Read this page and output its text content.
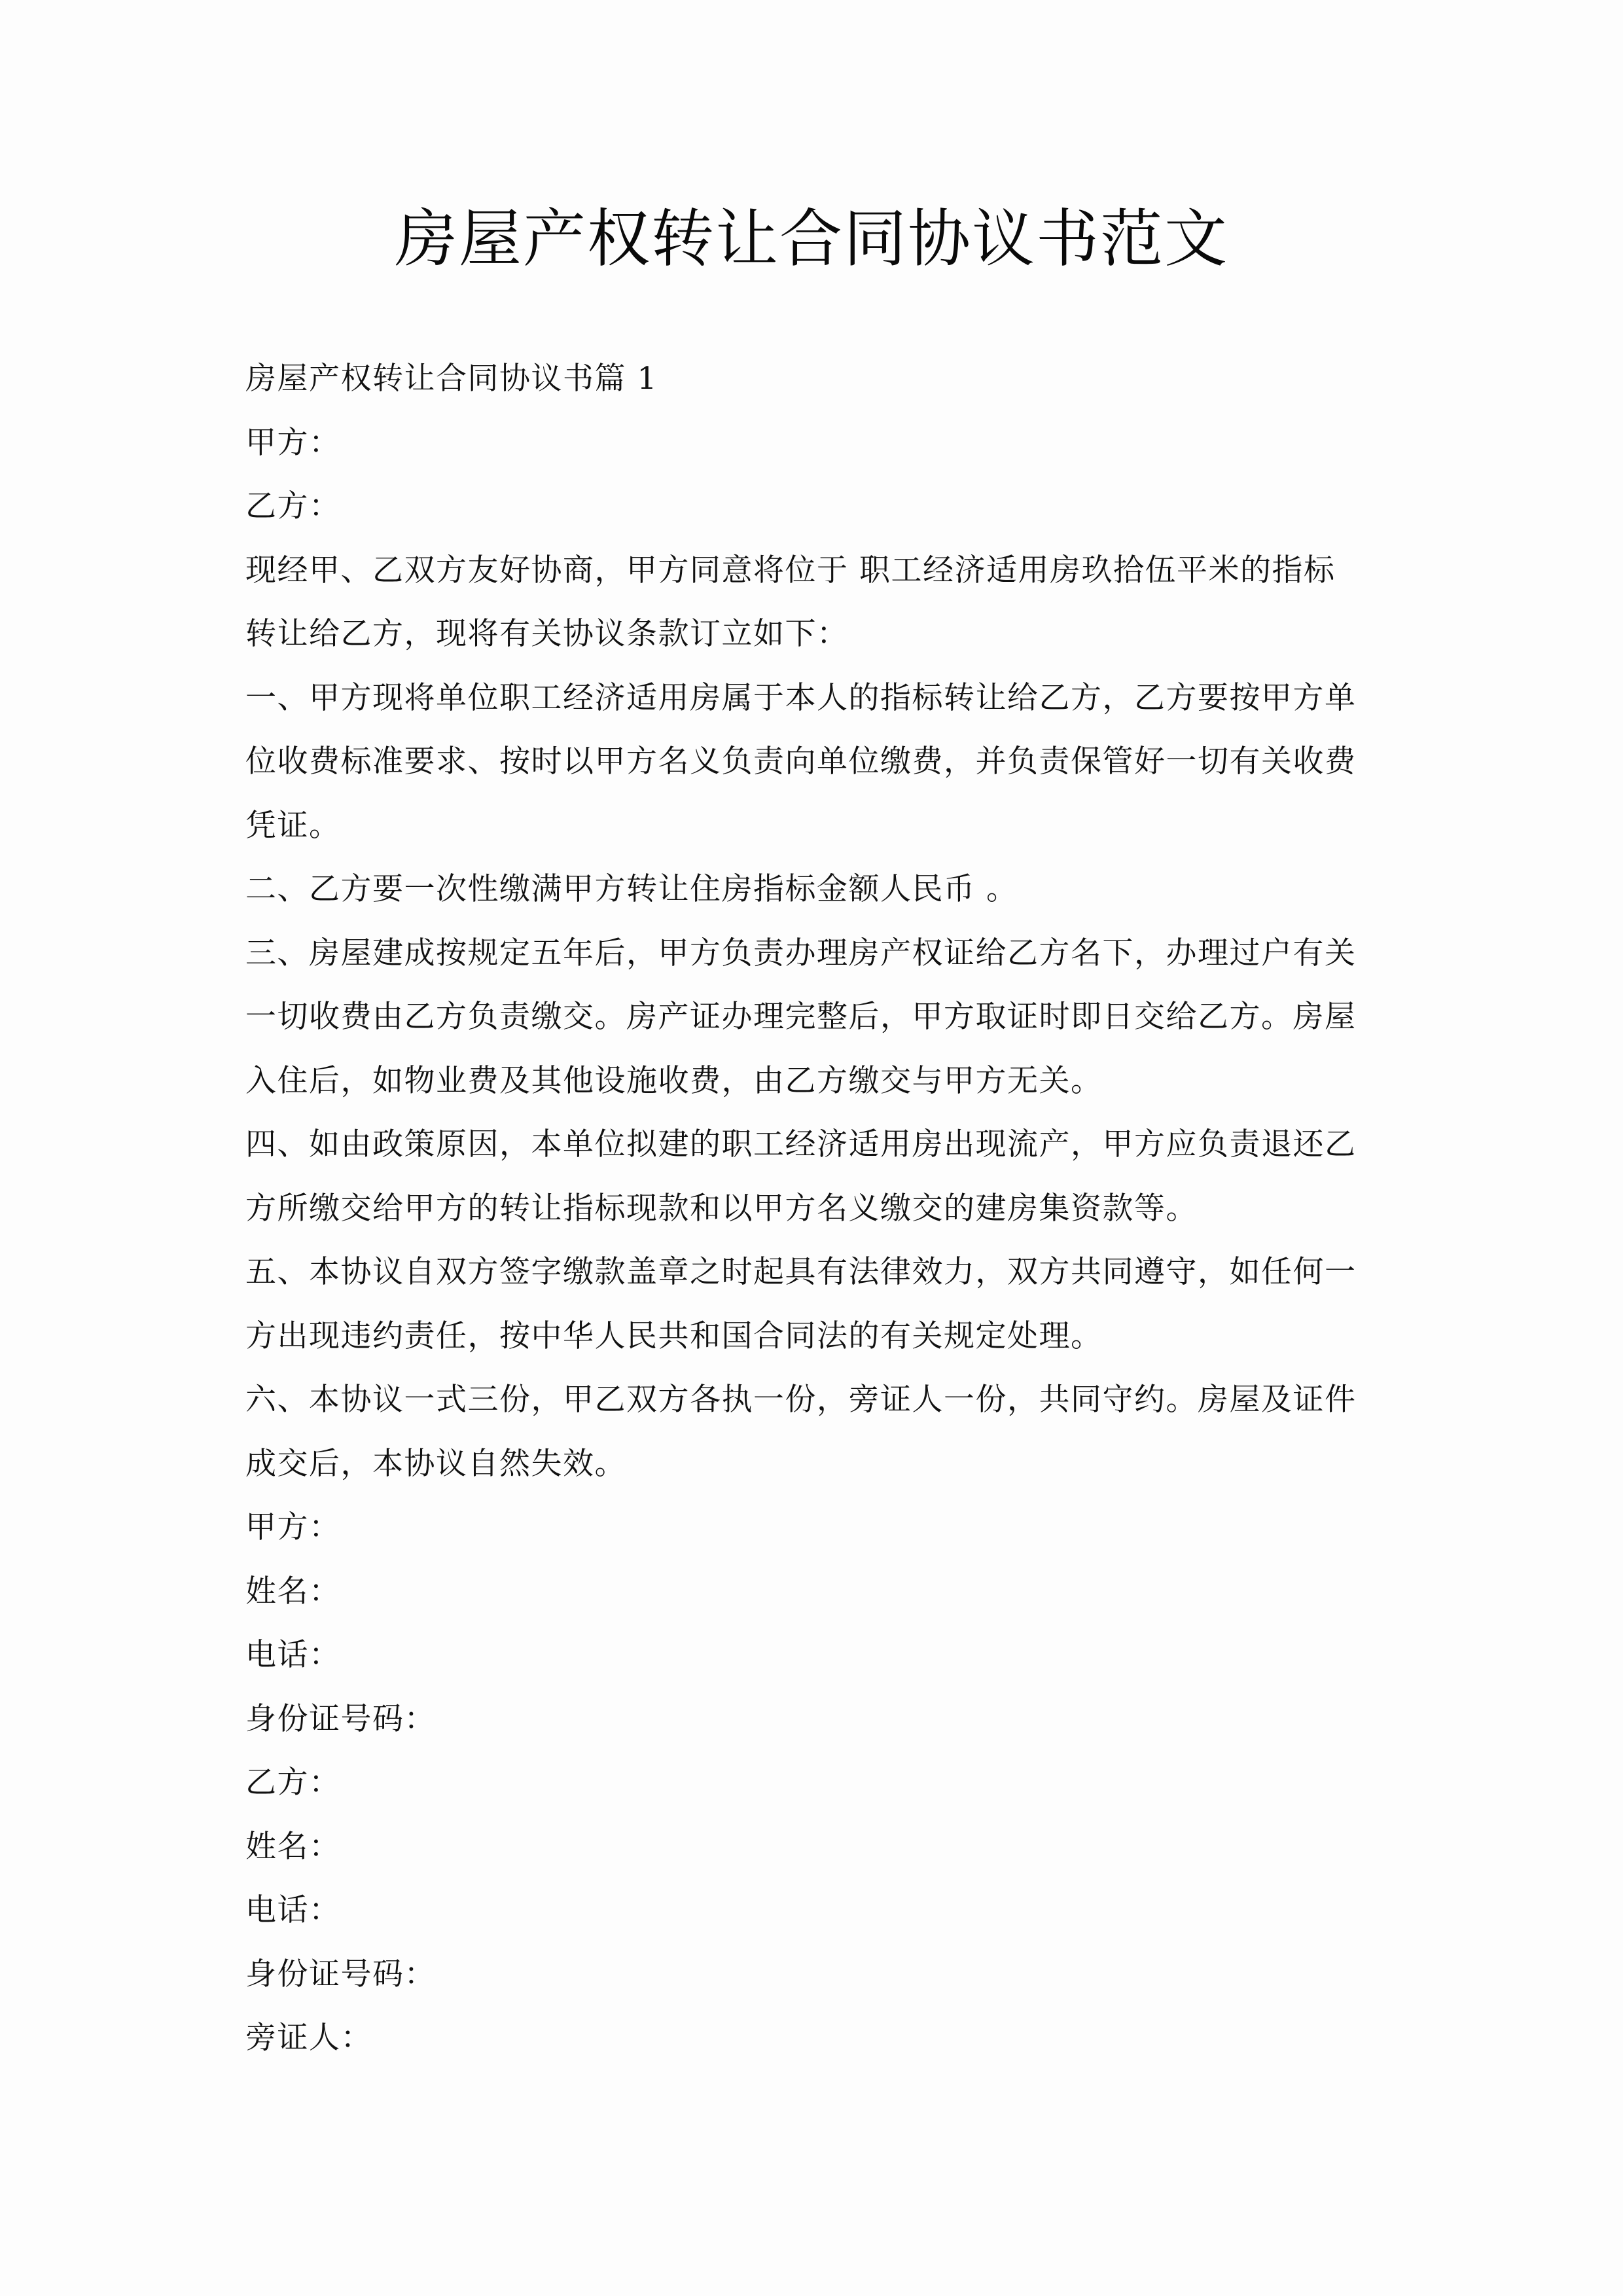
房屋产权转让合同协议书范文
房屋产权转让合同协议书篇 1
甲方：
乙方：
现经甲、乙双方友好协商，甲方同意将位于 职工经济适用房玖拾伍平米的指标
转让给乙方，现将有关协议条款订立如下：
一、甲方现将单位职工经济适用房属于本人的指标转让给乙方，乙方要按甲方单
位收费标准要求、按时以甲方名义负责向单位缴费，并负责保管好一切有关收费
凭证。
二、乙方要一次性缴满甲方转让住房指标金额人民币 。
三、房屋建成按规定五年后，甲方负责办理房产权证给乙方名下，办理过户有关
一切收费由乙方负责缴交。房产证办理完整后，甲方取证时即日交给乙方。房屋
入住后，如物业费及其他设施收费，由乙方缴交与甲方无关。
四、如由政策原因，本单位拟建的职工经济适用房出现流产，甲方应负责退还乙
方所缴交给甲方的转让指标现款和以甲方名义缴交的建房集资款等。
五、本协议自双方签字缴款盖章之时起具有法律效力，双方共同遵守，如任何一
方出现违约责任，按中华人民共和国合同法的有关规定处理。
六、本协议一式三份，甲乙双方各执一份，旁证人一份，共同守约。房屋及证件
成交后，本协议自然失效。
甲方：
姓名：
电话：
身份证号码：
乙方：
姓名：
电话：
身份证号码：
旁证人：
